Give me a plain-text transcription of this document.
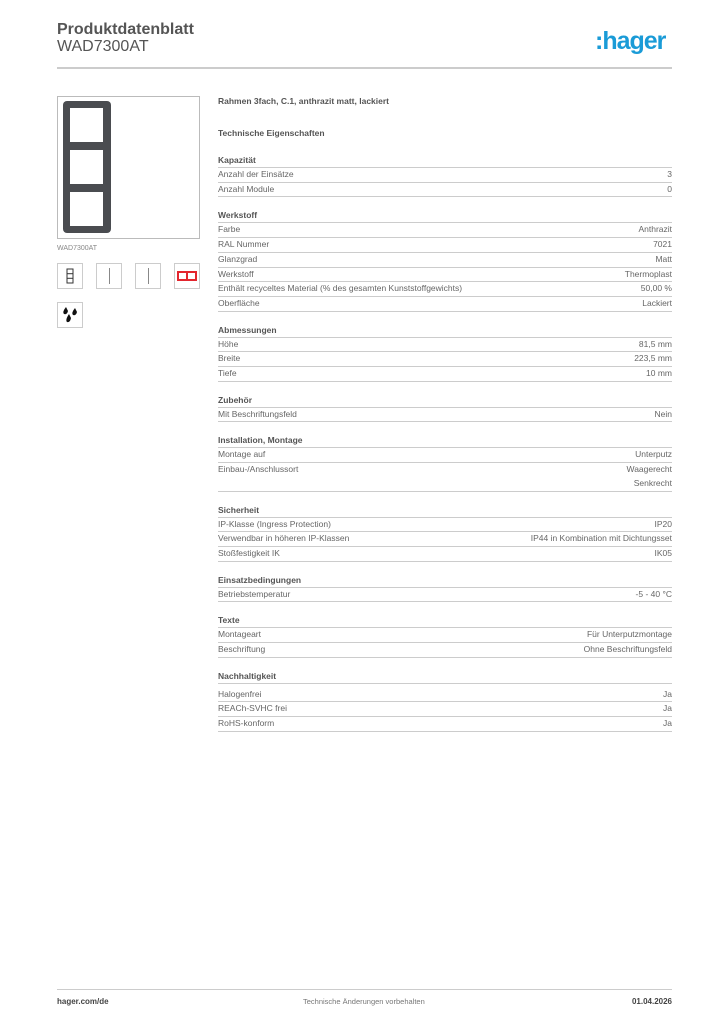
Produktdatenblatt
WAD7300AT	:hager
WAD7300AT
Rahmen 3fach, C.1, anthrazit matt, lackiert
Technische Eigenschaften
Kapazität
Anzahl der Einsätze	3
Anzahl Module	0
Werkstoff
Farbe	Anthrazit
RAL Nummer	7021
Glanzgrad	Matt
Werkstoff	Thermoplast
Enthält recyceltes Material (% des gesamten Kunststoffgewichts)	50,00 %
Oberfläche	Lackiert
Abmessungen
Höhe	81,5 mm
Breite	223,5 mm
Tiefe	10 mm
Zubehör
Mit Beschriftungsfeld	Nein
Installation, Montage
Montage auf	Unterputz
Einbau-/Anschlussort	Waagerecht
Senkrecht
Sicherheit
IP-Klasse (Ingress Protection)	IP20
Verwendbar in höheren IP-Klassen	IP44 in Kombination mit Dichtungsset
Stoßfestigkeit IK	IK05
Einsatzbedingungen
Betriebstemperatur	-5 - 40 °C
Texte
Montageart	Für Unterputzmontage
Beschriftung	Ohne Beschriftungsfeld
Nachhaltigkeit
Halogenfrei	Ja
REACh-SVHC frei	Ja
RoHS-konform	Ja
hager.com/de	Technische Änderungen vorbehalten	01.04.2026
